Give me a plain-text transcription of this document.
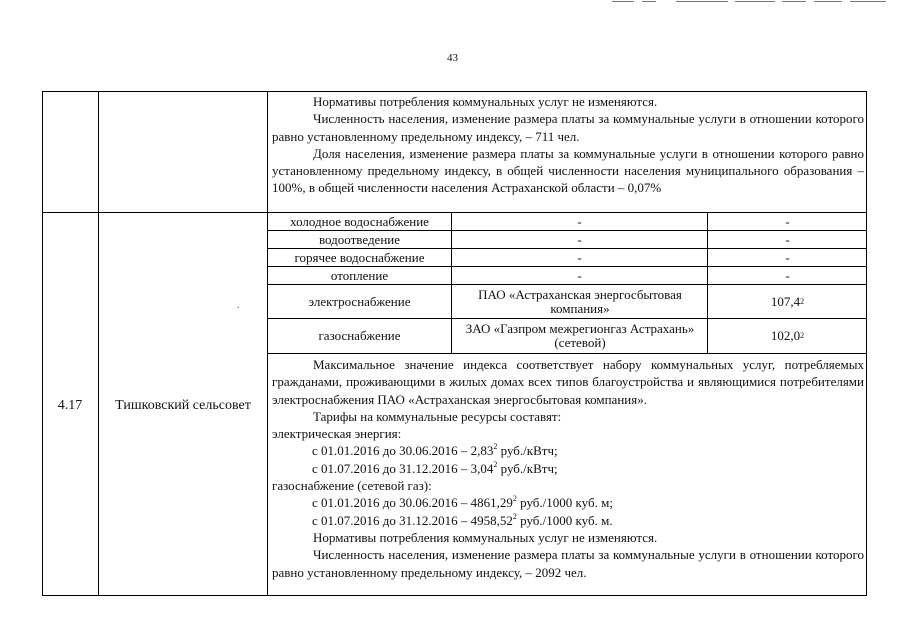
43

Нормативы потребления коммунальных услуг не изменяются.

Численность населения, изменение размера платы за коммунальные услуги в отношении которого равно установленному предельному индексу, – 711 чел.

Доля населения, изменение размера платы за коммунальные услуги в отношении которого равно установленному предельному индексу, в общей численности населения муниципального образования – 100%, в общей численности населения Астраханской области – 0,07%

4.17	Тишковский сельсовет
.
холодное водоснабжение	-	-
водоотведение	-	-
горячее водоснабжение	-	-
отопление	-	-
электроснабжение	ПАО «Астраханская энергосбытовая компания»	107,4 2
газоснабжение	ЗАО «Газпром межрегионгаз Астрахань» (сетевой)	102,0 2

Максимальное значение индекса соответствует набору коммунальных услуг, потребляемых гражданами, проживающими в жилых домах всех типов благоустройства и являющимися потребителями электроснабжения ПАО «Астраханская энергосбытовая компания».

Тарифы на коммунальные ресурсы составят:

электрическая энергия:

с 01.01.2016 до 30.06.2016 – 2,83$^2$ руб./кВтч;

с 01.07.2016 до 31.12.2016 – 3,04$^2$ руб./кВтч;

газоснабжение (сетевой газ):

с 01.01.2016 до 30.06.2016 – 4861,29$^2$ руб./1000 куб. м;

с 01.07.2016 до 31.12.2016 – 4958,52$^2$ руб./1000 куб. м.

Нормативы потребления коммунальных услуг не изменяются.

Численность населения, изменение размера платы за коммунальные услуги в отношении которого равно установленному предельному индексу, – 2092 чел.
